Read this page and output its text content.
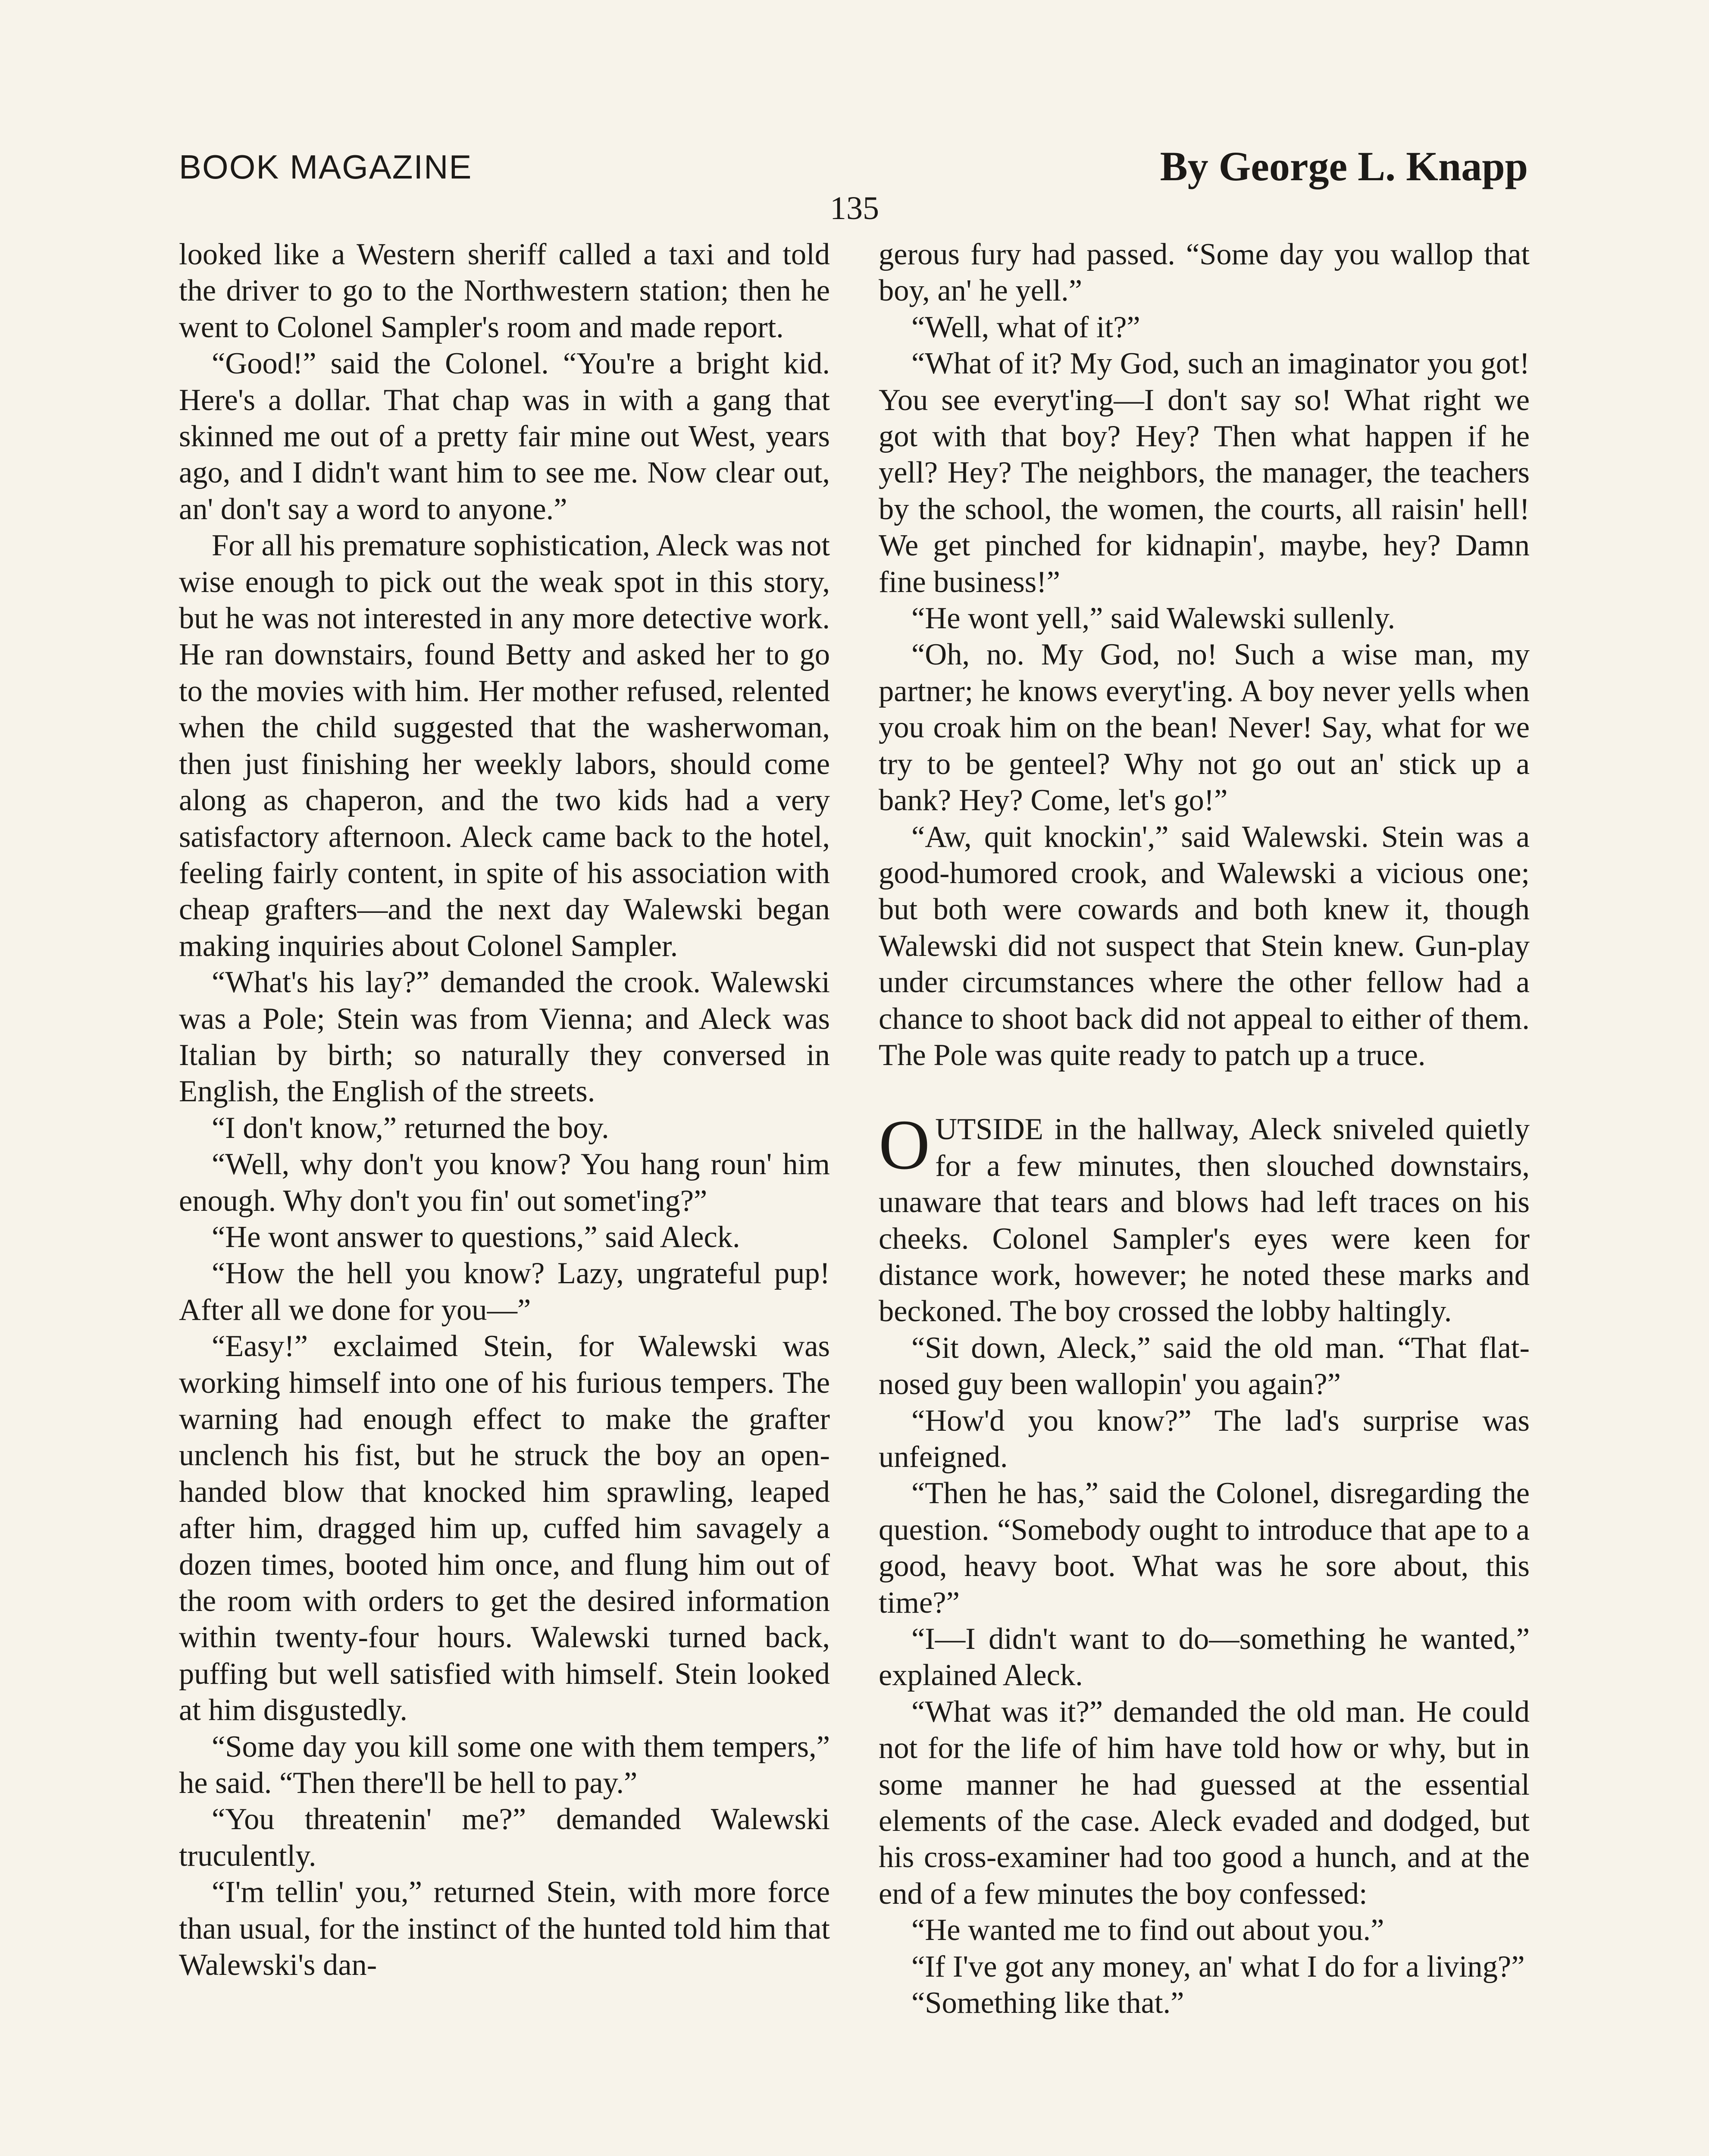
BOOK MAGAZINE	By George L. Knapp
135

looked like a Western sheriff called a taxi and told the driver to go to the Northwestern station; then he went to Colonel Sampler's room and made report.

“Good!” said the Colonel. “You're a bright kid. Here's a dollar. That chap was in with a gang that skinned me out of a pretty fair mine out West, years ago, and I didn't want him to see me. Now clear out, an' don't say a word to anyone.”

For all his premature sophistication, Aleck was not wise enough to pick out the weak spot in this story, but he was not interested in any more detective work. He ran downstairs, found Betty and asked her to go to the movies with him. Her mother refused, relented when the child suggested that the washerwoman, then just finishing her weekly labors, should come along as chaperon, and the two kids had a very satisfactory afternoon. Aleck came back to the hotel, feeling fairly content, in spite of his association with cheap grafters—and the next day Walewski began making inquiries about Colonel Sampler.

“What's his lay?” demanded the crook. Walewski was a Pole; Stein was from Vienna; and Aleck was Italian by birth; so naturally they conversed in English, the English of the streets.

“I don't know,” returned the boy.

“Well, why don't you know? You hang roun' him enough. Why don't you fin' out somet'ing?”

“He wont answer to questions,” said Aleck.

“How the hell you know? Lazy, ungrateful pup! After all we done for you—”

“Easy!” exclaimed Stein, for Walewski was working himself into one of his furious tempers. The warning had enough effect to make the grafter unclench his fist, but he struck the boy an open-handed blow that knocked him sprawling, leaped after him, dragged him up, cuffed him savagely a dozen times, booted him once, and flung him out of the room with orders to get the desired information within twenty-four hours. Walewski turned back, puffing but well satisfied with himself. Stein looked at him disgustedly.

“Some day you kill some one with them tempers,” he said. “Then there'll be hell to pay.”

“You threatenin' me?” demanded Walewski truculently.

“I'm tellin' you,” returned Stein, with more force than usual, for the instinct of the hunted told him that Walewski's dan-

gerous fury had passed. “Some day you wallop that boy, an' he yell.”

“Well, what of it?”

“What of it? My God, such an imaginator you got! You see everyt'ing—I don't say so! What right we got with that boy? Hey? Then what happen if he yell? Hey? The neighbors, the manager, the teachers by the school, the women, the courts, all raisin' hell! We get pinched for kidnapin', maybe, hey? Damn fine business!”

“He wont yell,” said Walewski sullenly.

“Oh, no. My God, no! Such a wise man, my partner; he knows everyt'ing. A boy never yells when you croak him on the bean! Never! Say, what for we try to be genteel? Why not go out an' stick up a bank? Hey? Come, let's go!”

“Aw, quit knockin',” said Walewski. Stein was a good-humored crook, and Walewski a vicious one; but both were cowards and both knew it, though Walewski did not suspect that Stein knew. Gun-play under circumstances where the other fellow had a chance to shoot back did not appeal to either of them. The Pole was quite ready to patch up a truce.

OUTSIDE in the hallway, Aleck sniveled quietly for a few minutes, then slouched downstairs, unaware that tears and blows had left traces on his cheeks. Colonel Sampler's eyes were keen for distance work, however; he noted these marks and beckoned. The boy crossed the lobby haltingly.

“Sit down, Aleck,” said the old man. “That flat-nosed guy been wallopin' you again?”

“How'd you know?” The lad's surprise was unfeigned.

“Then he has,” said the Colonel, disregarding the question. “Somebody ought to introduce that ape to a good, heavy boot. What was he sore about, this time?”

“I—I didn't want to do—something he wanted,” explained Aleck.

“What was it?” demanded the old man. He could not for the life of him have told how or why, but in some manner he had guessed at the essential elements of the case. Aleck evaded and dodged, but his cross-examiner had too good a hunch, and at the end of a few minutes the boy confessed:

“He wanted me to find out about you.”

“If I've got any money, an' what I do for a living?”

“Something like that.”
